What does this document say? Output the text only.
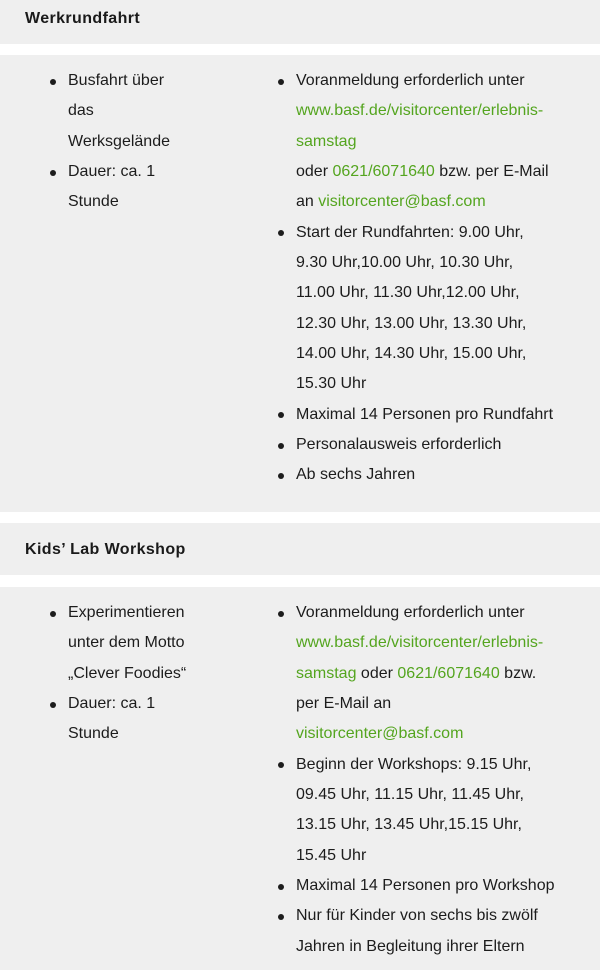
Werkrundfahrt
Busfahrt über
das
Werksgelände
Dauer: ca. 1
Stunde
Voranmeldung erforderlich unter
www.basf.de/visitorcenter/erlebnis-
samstag
oder 0621/6071640 bzw. per E-Mail
an visitorcenter@basf.com
Start der Rundfahrten: 9.00 Uhr,
9.30 Uhr,10.00 Uhr, 10.30 Uhr,
11.00 Uhr, 11.30 Uhr,12.00 Uhr,
12.30 Uhr, 13.00 Uhr, 13.30 Uhr,
14.00 Uhr, 14.30 Uhr, 15.00 Uhr,
15.30 Uhr
Maximal 14 Personen pro Rundfahrt
Personalausweis erforderlich
Ab sechs Jahren
Kids’ Lab Workshop
Experimentieren
unter dem Motto
„Clever Foodies“
Dauer: ca. 1
Stunde
Voranmeldung erforderlich unter
www.basf.de/visitorcenter/erlebnis-
samstag oder 0621/6071640 bzw.
per E-Mail an
visitorcenter@basf.com
Beginn der Workshops: 9.15 Uhr,
09.45 Uhr, 11.15 Uhr, 11.45 Uhr,
13.15 Uhr, 13.45 Uhr,15.15 Uhr,
15.45 Uhr
Maximal 14 Personen pro Workshop
Nur für Kinder von sechs bis zwölf
Jahren in Begleitung ihrer Eltern
